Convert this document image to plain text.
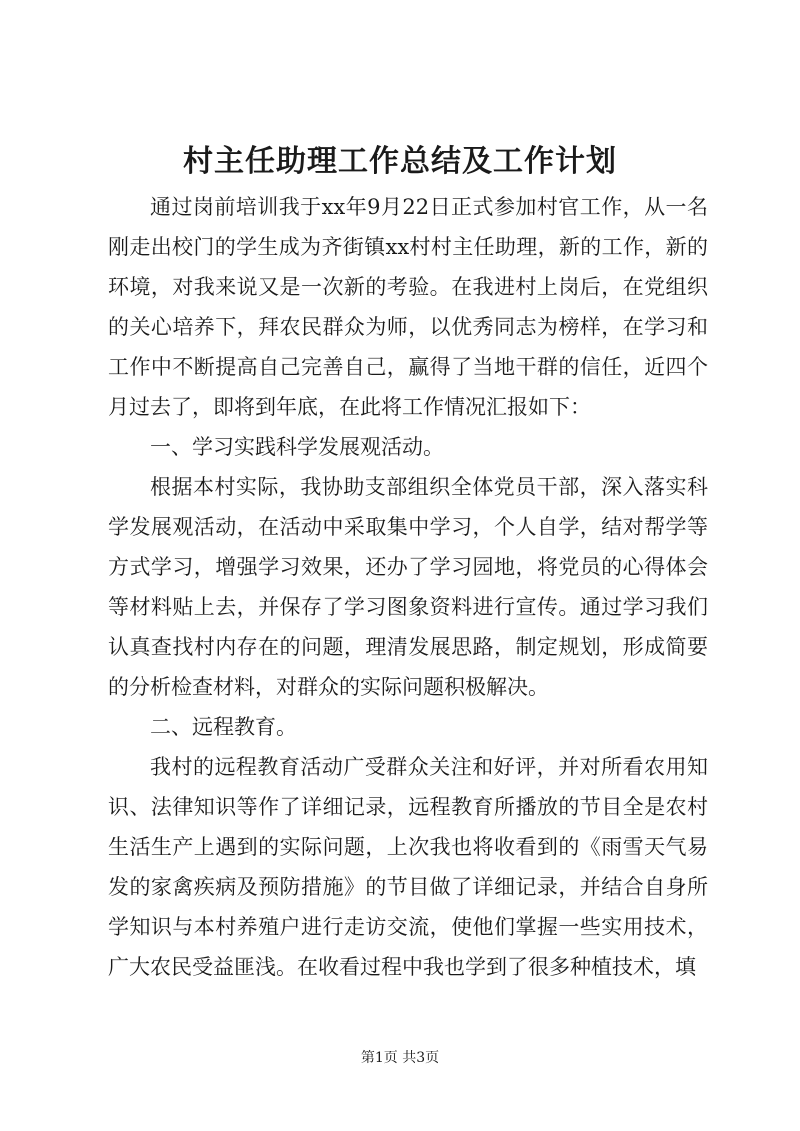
村主任助理工作总结及工作计划

通过岗前培训我于xx年9月22日正式参加村官工作，从一名刚走出校门的学生成为齐街镇xx村村主任助理，新的工作，新的环境，对我来说又是一次新的考验。在我进村上岗后，在党组织的关心培养下，拜农民群众为师，以优秀同志为榜样，在学习和工作中不断提高自己完善自己，赢得了当地干群的信任，近四个月过去了，即将到年底，在此将工作情况汇报如下：

一、学习实践科学发展观活动。

根据本村实际，我协助支部组织全体党员干部，深入落实科学发展观活动，在活动中采取集中学习，个人自学，结对帮学等方式学习，增强学习效果，还办了学习园地，将党员的心得体会等材料贴上去，并保存了学习图象资料进行宣传。通过学习我们认真查找村内存在的问题，理清发展思路，制定规划，形成简要的分析检查材料，对群众的实际问题积极解决。

二、远程教育。

我村的远程教育活动广受群众关注和好评，并对所看农用知识、法律知识等作了详细记录，远程教育所播放的节目全是农村生活生产上遇到的实际问题，上次我也将收看到的《雨雪天气易发的家禽疾病及预防措施》的节目做了详细记录，并结合自身所学知识与本村养殖户进行走访交流，使他们掌握一些实用技术，广大农民受益匪浅。在收看过程中我也学到了很多种植技术，填

第1页 共3页
